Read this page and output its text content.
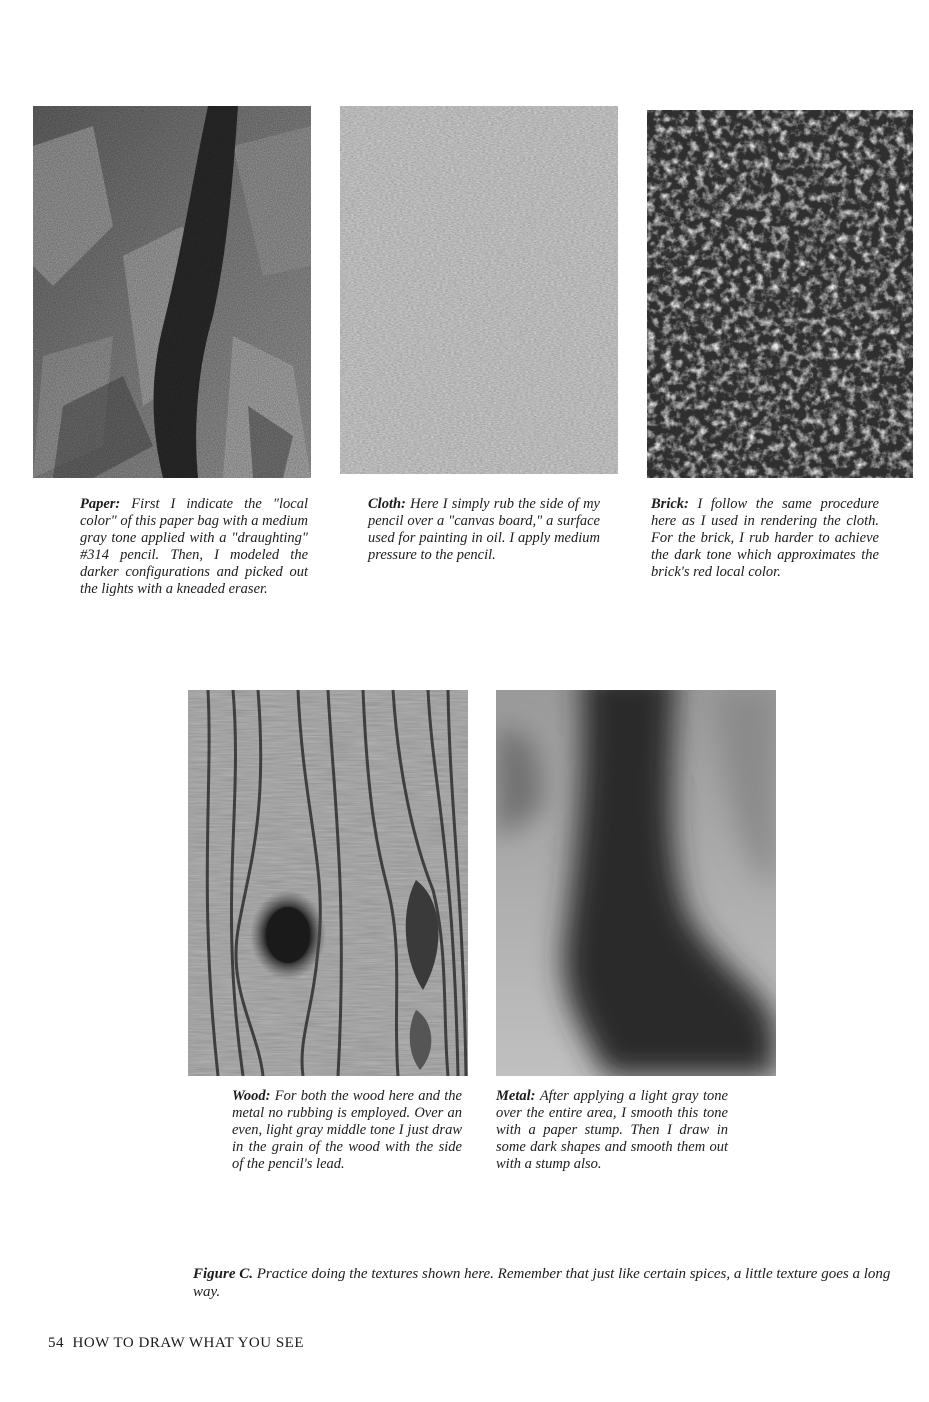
Paper: First I indicate the "local color" of this paper bag with a medium gray tone applied with a "draughting" #314 pencil. Then, I modeled the darker configurations and picked out the lights with a kneaded eraser.
Cloth: Here I simply rub the side of my pencil over a "canvas board," a surface used for painting in oil. I apply medium pressure to the pencil.
Brick: I follow the same procedure here as I used in rendering the cloth. For the brick, I rub harder to achieve the dark tone which approximates the brick's red local color.
Wood: For both the wood here and the metal no rubbing is employed. Over an even, light gray middle tone I just draw in the grain of the wood with the side of the pencil's lead.
Metal: After applying a light gray tone over the entire area, I smooth this tone with a paper stump. Then I draw in some dark shapes and smooth them out with a stump also.
Figure C. Practice doing the textures shown here. Remember that just like certain spices, a little texture goes a long way.
54 HOW TO DRAW WHAT YOU SEE
